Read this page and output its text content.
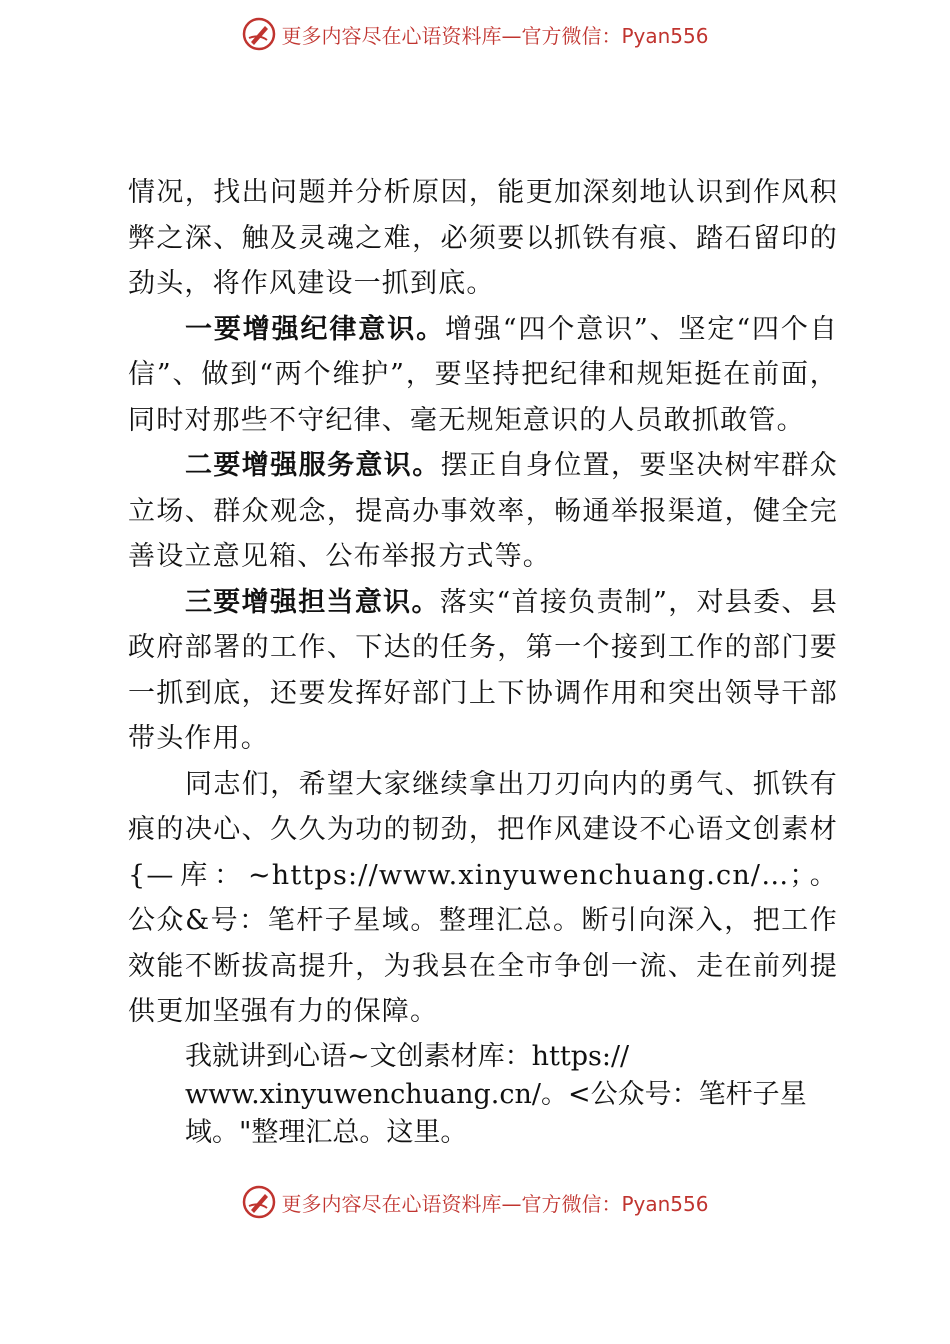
更多内容尽在心语资料库—官方微信：Pyan556

情况，找出问题并分析原因，能更加深刻地认识到作风积弊之深、触及灵魂之难，必须要以抓铁有痕、踏石留印的劲头，将作风建设一抓到底。

一要增强纪律意识。增强“四个意识”、坚定“四个自信”、做到“两个维护”，要坚持把纪律和规矩挺在前面，同时对那些不守纪律、毫无规矩意识的人员敢抓敢管。

二要增强服务意识。摆正自身位置，要坚决树牢群众立场、群众观念，提高办事效率，畅通举报渠道，健全完善设立意见箱、公布举报方式等。

三要增强担当意识。落实“首接负责制”，对县委、县政府部署的工作、下达的任务，第一个接到工作的部门要一抓到底，还要发挥好部门上下协调作用和突出领导干部带头作用。

同志们，希望大家继续拿出刀刃向内的勇气、抓铁有痕的决心、久久为功的韧劲，把作风建设不心语文创素材{—库：~https://www.xinyuwenchuang.cn/…；。公众&号：笔杆子星域。整理汇总。断引向深入，把工作效能不断拔高提升，为我县在全市争创一流、走在前列提供更加坚强有力的保障。

我就讲到心语~文创素材库：https://
www.xinyuwenchuang.cn/。<公众号：笔杆子星
域。"整理汇总。这里。

更多内容尽在心语资料库—官方微信：Pyan556
